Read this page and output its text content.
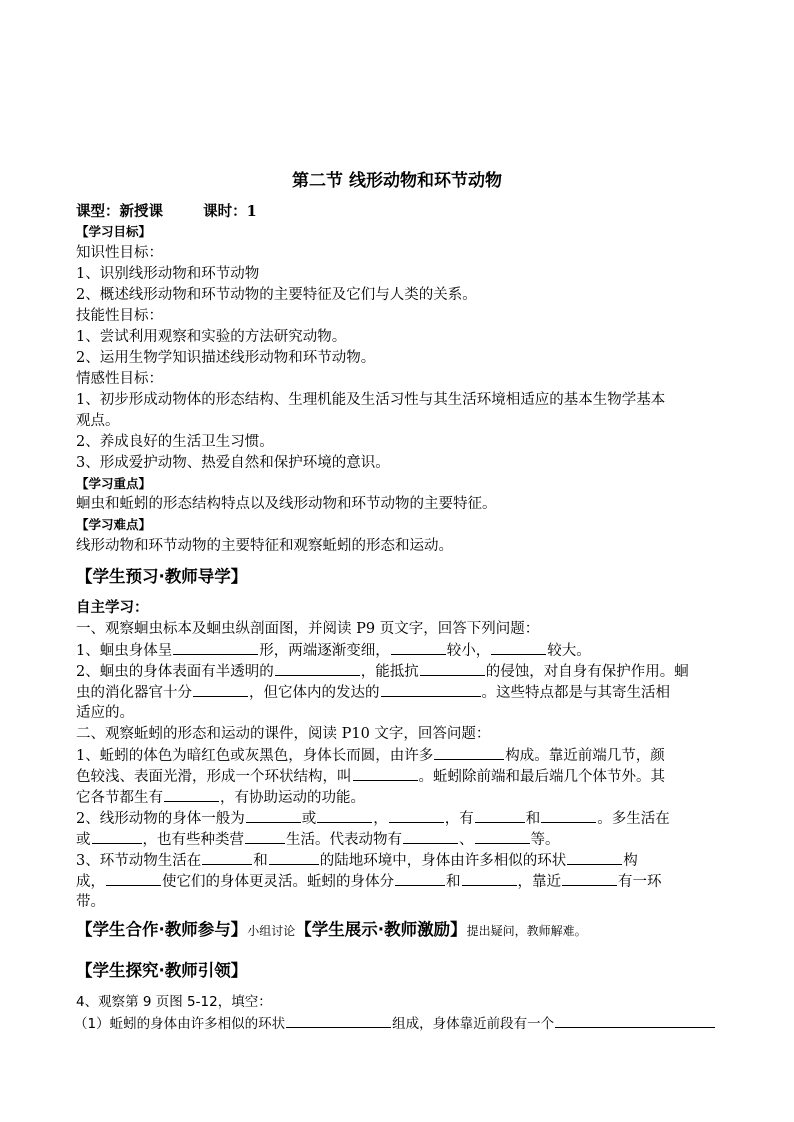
第二节 线形动物和环节动物
课型：新授课	课时：1
【学习目标】
知识性目标：
1、识别线形动物和环节动物
2、概述线形动物和环节动物的主要特征及它们与人类的关系。
技能性目标：
1、尝试利用观察和实验的方法研究动物。
2、运用生物学知识描述线形动物和环节动物。
情感性目标：
1、初步形成动物体的形态结构、生理机能及生活习性与其生活环境相适应的基本生物学基本
观点。
2、养成良好的生活卫生习惯。
3、形成爱护动物、热爱自然和保护环境的意识。
【学习重点】
蛔虫和蚯蚓的形态结构特点以及线形动物和环节动物的主要特征。
【学习难点】
线形动物和环节动物的主要特征和观察蚯蚓的形态和运动。
【学生预习·教师导学】
自主学习：
一、观察蛔虫标本及蛔虫纵剖面图，并阅读 P9 页文字，回答下列问题：
1、蛔虫身体呈	形，两端逐渐变细，	较小，	较大。
2、蛔虫的身体表面有半透明的	，能抵抗	的侵蚀，对自身有保护作用。蛔
虫的消化器官十分	，但它体内的发达的	。这些特点都是与其寄生活相
适应的。
二、观察蚯蚓的形态和运动的课件，阅读 P10 文字，回答问题：
1、蚯蚓的体色为暗红色或灰黑色，身体长而圆，由许多	构成。靠近前端几节，颜
色较浅、表面光滑，形成一个环状结构，叫	。蚯蚓除前端和最后端几个体节外。其
它各节都生有	，有协助运动的功能。
2、线形动物的身体一般为	或	，	，有	和	。多生活在
或	，也有些种类营	生活。代表动物有	、	等。
3、环节动物生活在	和	的陆地环境中，身体由许多相似的环状	构
成，	使它们的身体更灵活。蚯蚓的身体分	和	，靠近	有一环
带。
【学生合作·教师参与】小组讨论【学生展示·教师激励】提出疑问，教师解难。
【学生探究·教师引领】
4、观察第 9 页图 5-12，填空：
（1）蚯蚓的身体由许多相似的环状	组成，身体靠近前段有一个
